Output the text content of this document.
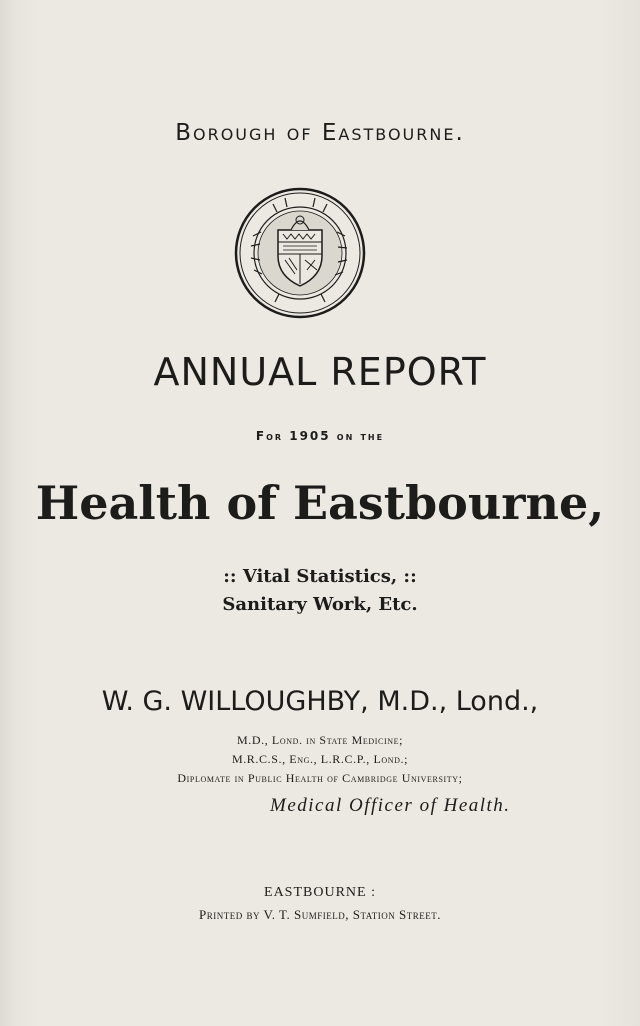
Borough of Eastbourne.
ANNUAL REPORT
For 1905 on the
Health of Eastbourne,
:: Vital Statistics, ::
Sanitary Work, Etc.
W. G. WILLOUGHBY, M.D., Lond.,
M.D., Lond. in State Medicine;
M.R.C.S., Eng., L.R.C.P., Lond.;
Diplomate in Public Health of Cambridge University;
Medical Officer of Health.
EASTBOURNE :
Printed by V. T. Sumfield, Station Street.
